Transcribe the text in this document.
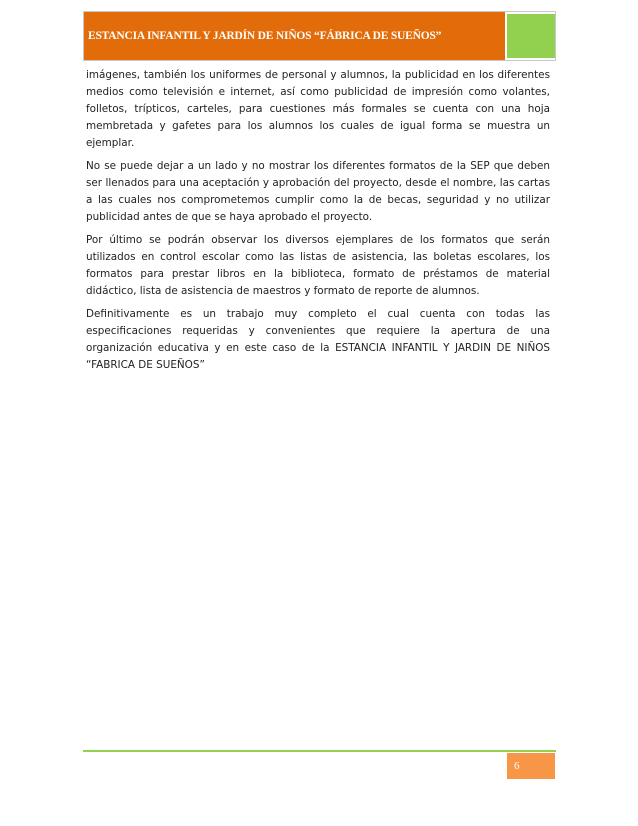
ESTANCIA INFANTIL Y JARDÍN DE NIÑOS “FÁBRICA DE SUEÑOS”

imágenes, también los uniformes de personal y alumnos, la publicidad en los diferentes medios como televisión e internet, así como publicidad de impresión como volantes, folletos, trípticos, carteles, para cuestiones más formales se cuenta con una hoja membretada y gafetes para los alumnos los cuales de igual forma se muestra un ejemplar.

No se puede dejar a un lado y no mostrar los diferentes formatos de la SEP que deben ser llenados para una aceptación y aprobación del proyecto, desde el nombre, las cartas a las cuales nos comprometemos cumplir como la de becas, seguridad y no utilizar publicidad antes de que se haya aprobado el proyecto.

Por último se podrán observar los diversos ejemplares de los formatos que serán utilizados en control escolar como las listas de asistencia, las boletas escolares, los formatos para prestar libros en la biblioteca, formato de préstamos de material didáctico, lista de asistencia de maestros y formato de reporte de alumnos.

Definitivamente es un trabajo muy completo el cual cuenta con todas las especificaciones requeridas y convenientes que requiere la apertura de una organización educativa y en este caso de la ESTANCIA INFANTIL Y JARDIN DE NIÑOS “FABRICA DE SUEÑOS”

6
